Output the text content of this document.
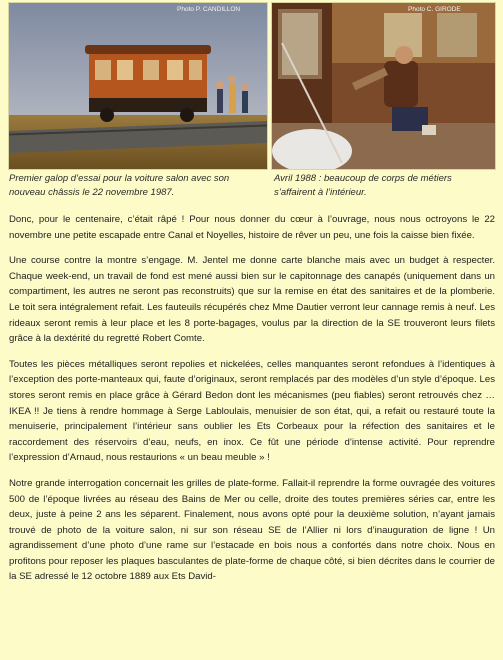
Photo P. CANDILLON	Photo C. GIRODE
Premier galop d’essai pour la voiture salon avec son nouveau châssis le 22 novembre 1987.
Avril 1988 : beaucoup de corps de métiers s’affairent à l’intérieur.

Donc, pour le centenaire, c’était râpé ! Pour nous donner du cœur à l’ouvrage, nous nous octroyons le 22 novembre une petite escapade entre Canal et Noyelles, histoire de rêver un peu, une fois la caisse bien fixée.

Une course contre la montre s’engage. M. Jentel me donne carte blanche mais avec un budget à respecter. Chaque week-end, un travail de fond est mené aussi bien sur le capitonnage des canapés (uniquement dans un compartiment, les autres ne seront pas reconstruits) que sur la remise en état des sanitaires et de la plomberie. Le toit sera intégralement refait. Les fauteuils récupérés chez Mme Dautier verront leur cannage remis à neuf. Les rideaux seront remis à leur place et les 8 porte-bagages, voulus par la direction de la SE trouveront leurs filets grâce à la dextérité du regretté Robert Comte.

Toutes les pièces métalliques seront repolies et nickelées, celles manquantes seront refondues à l’identiques à l’exception des porte-manteaux qui, faute d’originaux, seront remplacés par des modèles d’un style d’époque. Les stores seront remis en place grâce à Gérard Bedon dont les mécanismes (peu fiables) seront retrouvés chez … IKEA !! Je tiens à rendre hommage à Serge Labloulais, menuisier de son état, qui, a refait ou restauré toute la menuiserie, principalement l’intérieur sans oublier les Ets Corbeaux pour la réfection des sanitaires et le raccordement des réservoirs d’eau, neufs, en inox. Ce fût une période d’intense activité. Pour reprendre l’expression d’Arnaud, nous restaurions « un beau meuble » !

Notre grande interrogation concernait les grilles de plate-forme. Fallait-il reprendre la forme ouvragée des voitures 500 de l’époque livrées au réseau des Bains de Mer ou celle, droite des toutes premières séries car, entre les deux, juste à peine 2 ans les séparent. Finalement, nous avons opté pour la deuxième solution, n’ayant jamais trouvé de photo de la voiture salon, ni sur son réseau SE de l’Allier ni lors d’inauguration de ligne ! Un agrandissement d’une photo d’une rame sur l’estacade en bois nous a confortés dans notre choix. Nous en profitons pour reposer les plaques basculantes de plate-forme de chaque côté, si bien décrites dans le courrier de la SE adressé le 12 octobre 1889 aux Ets David-
